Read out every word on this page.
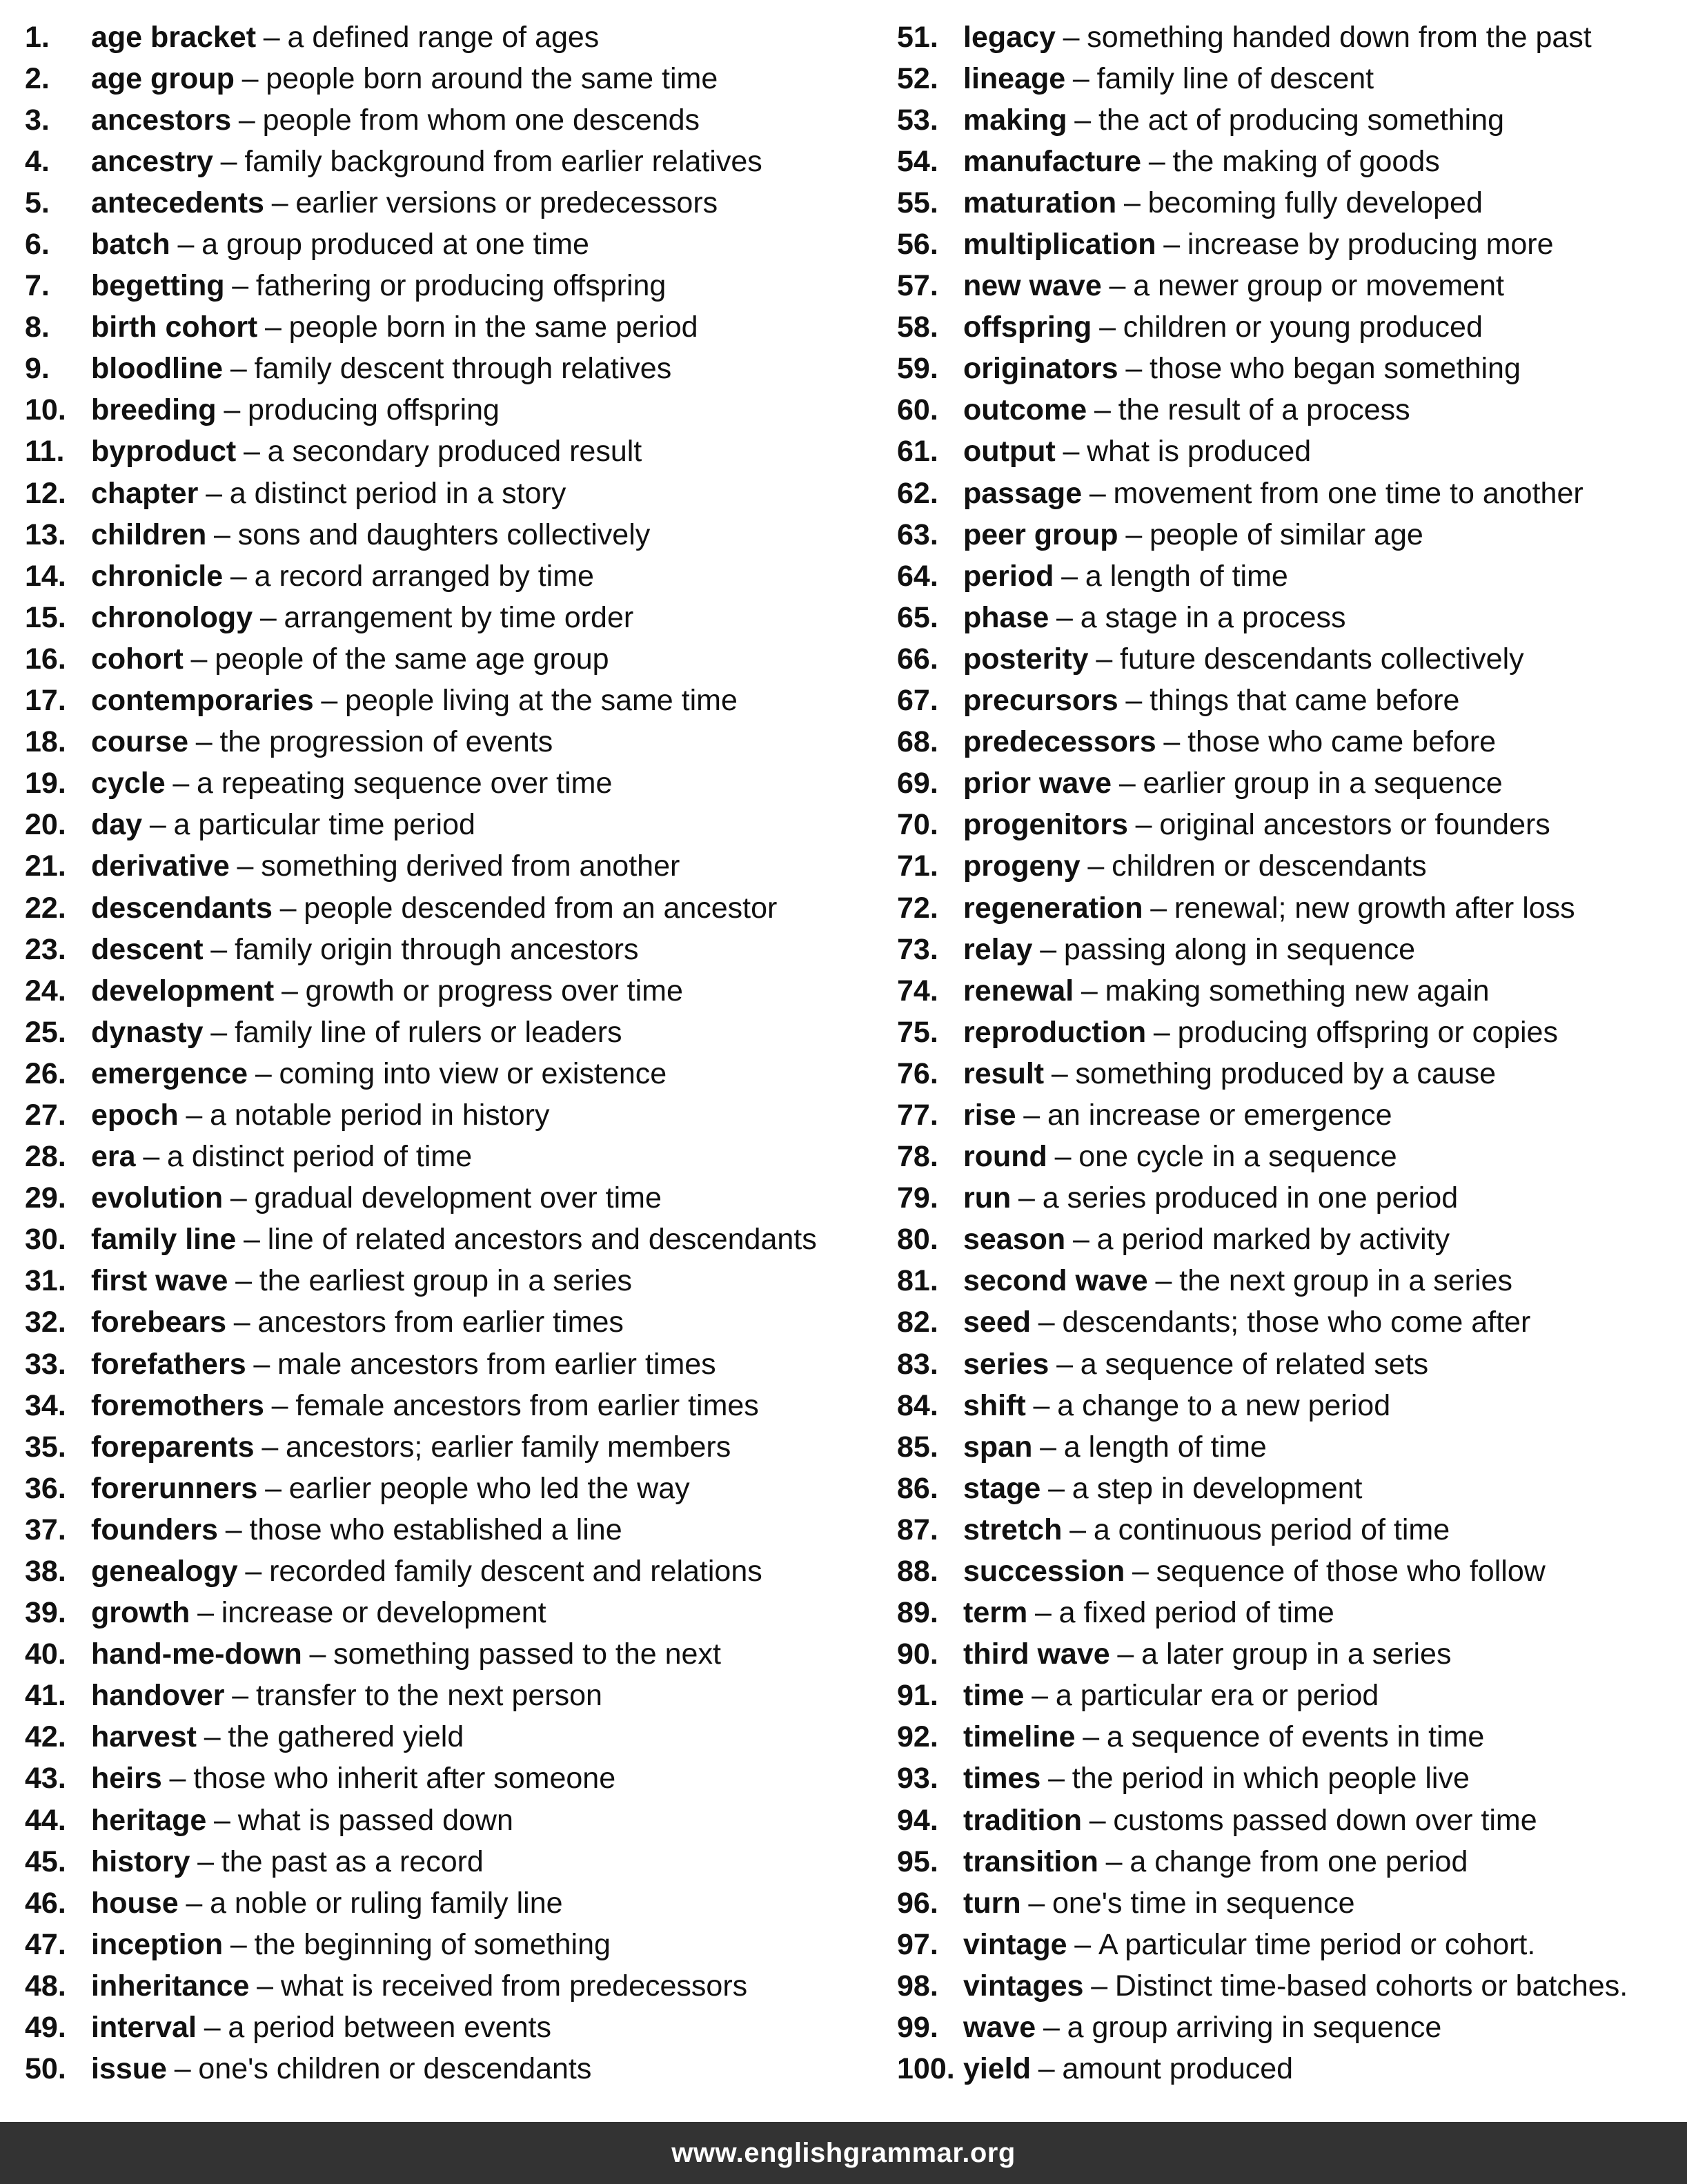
1.	age bracket – a defined range of ages
2.	age group – people born around the same time
3.	ancestors – people from whom one descends
4.	ancestry – family background from earlier relatives
5.	antecedents – earlier versions or predecessors
6.	batch – a group produced at one time
7.	begetting – fathering or producing offspring
8.	birth cohort – people born in the same period
9.	bloodline – family descent through relatives
10. breeding – producing offspring
11. byproduct – a secondary produced result
12. chapter – a distinct period in a story
13. children – sons and daughters collectively
14. chronicle – a record arranged by time
15. chronology – arrangement by time order
16. cohort – people of the same age group
17. contemporaries – people living at the same time
18. course – the progression of events
19. cycle – a repeating sequence over time
20. day – a particular time period
21. derivative – something derived from another
22. descendants – people descended from an ancestor
23. descent – family origin through ancestors
24. development – growth or progress over time
25. dynasty – family line of rulers or leaders
26. emergence – coming into view or existence
27. epoch – a notable period in history
28. era – a distinct period of time
29. evolution – gradual development over time
30. family line – line of related ancestors and descendants
31. first wave – the earliest group in a series
32. forebears – ancestors from earlier times
33. forefathers – male ancestors from earlier times
34. foremothers – female ancestors from earlier times
35. foreparents – ancestors; earlier family members
36. forerunners – earlier people who led the way
37. founders – those who established a line
38. genealogy – recorded family descent and relations
39. growth – increase or development
40. hand-me-down – something passed to the next
41. handover – transfer to the next person
42. harvest – the gathered yield
43. heirs – those who inherit after someone
44. heritage – what is passed down
45. history – the past as a record
46. house – a noble or ruling family line
47. inception – the beginning of something
48. inheritance – what is received from predecessors
49. interval – a period between events
50. issue – one's children or descendants
51. legacy – something handed down from the past
52. lineage – family line of descent
53. making – the act of producing something
54. manufacture – the making of goods
55. maturation – becoming fully developed
56. multiplication – increase by producing more
57. new wave – a newer group or movement
58. offspring – children or young produced
59. originators – those who began something
60. outcome – the result of a process
61. output – what is produced
62. passage – movement from one time to another
63. peer group – people of similar age
64. period – a length of time
65. phase – a stage in a process
66. posterity – future descendants collectively
67. precursors – things that came before
68. predecessors – those who came before
69. prior wave – earlier group in a sequence
70. progenitors – original ancestors or founders
71. progeny – children or descendants
72. regeneration – renewal; new growth after loss
73. relay – passing along in sequence
74. renewal – making something new again
75. reproduction – producing offspring or copies
76. result – something produced by a cause
77. rise – an increase or emergence
78. round – one cycle in a sequence
79. run – a series produced in one period
80. season – a period marked by activity
81. second wave – the next group in a series
82. seed – descendants; those who come after
83. series – a sequence of related sets
84. shift – a change to a new period
85. span – a length of time
86. stage – a step in development
87. stretch – a continuous period of time
88. succession – sequence of those who follow
89. term – a fixed period of time
90. third wave – a later group in a series
91. time – a particular era or period
92. timeline – a sequence of events in time
93. times – the period in which people live
94. tradition – customs passed down over time
95. transition – a change from one period
96. turn – one's time in sequence
97. vintage – A particular time period or cohort.
98. vintages – Distinct time-based cohorts or batches.
99. wave – a group arriving in sequence
100. yield – amount produced
www.englishgrammar.org
